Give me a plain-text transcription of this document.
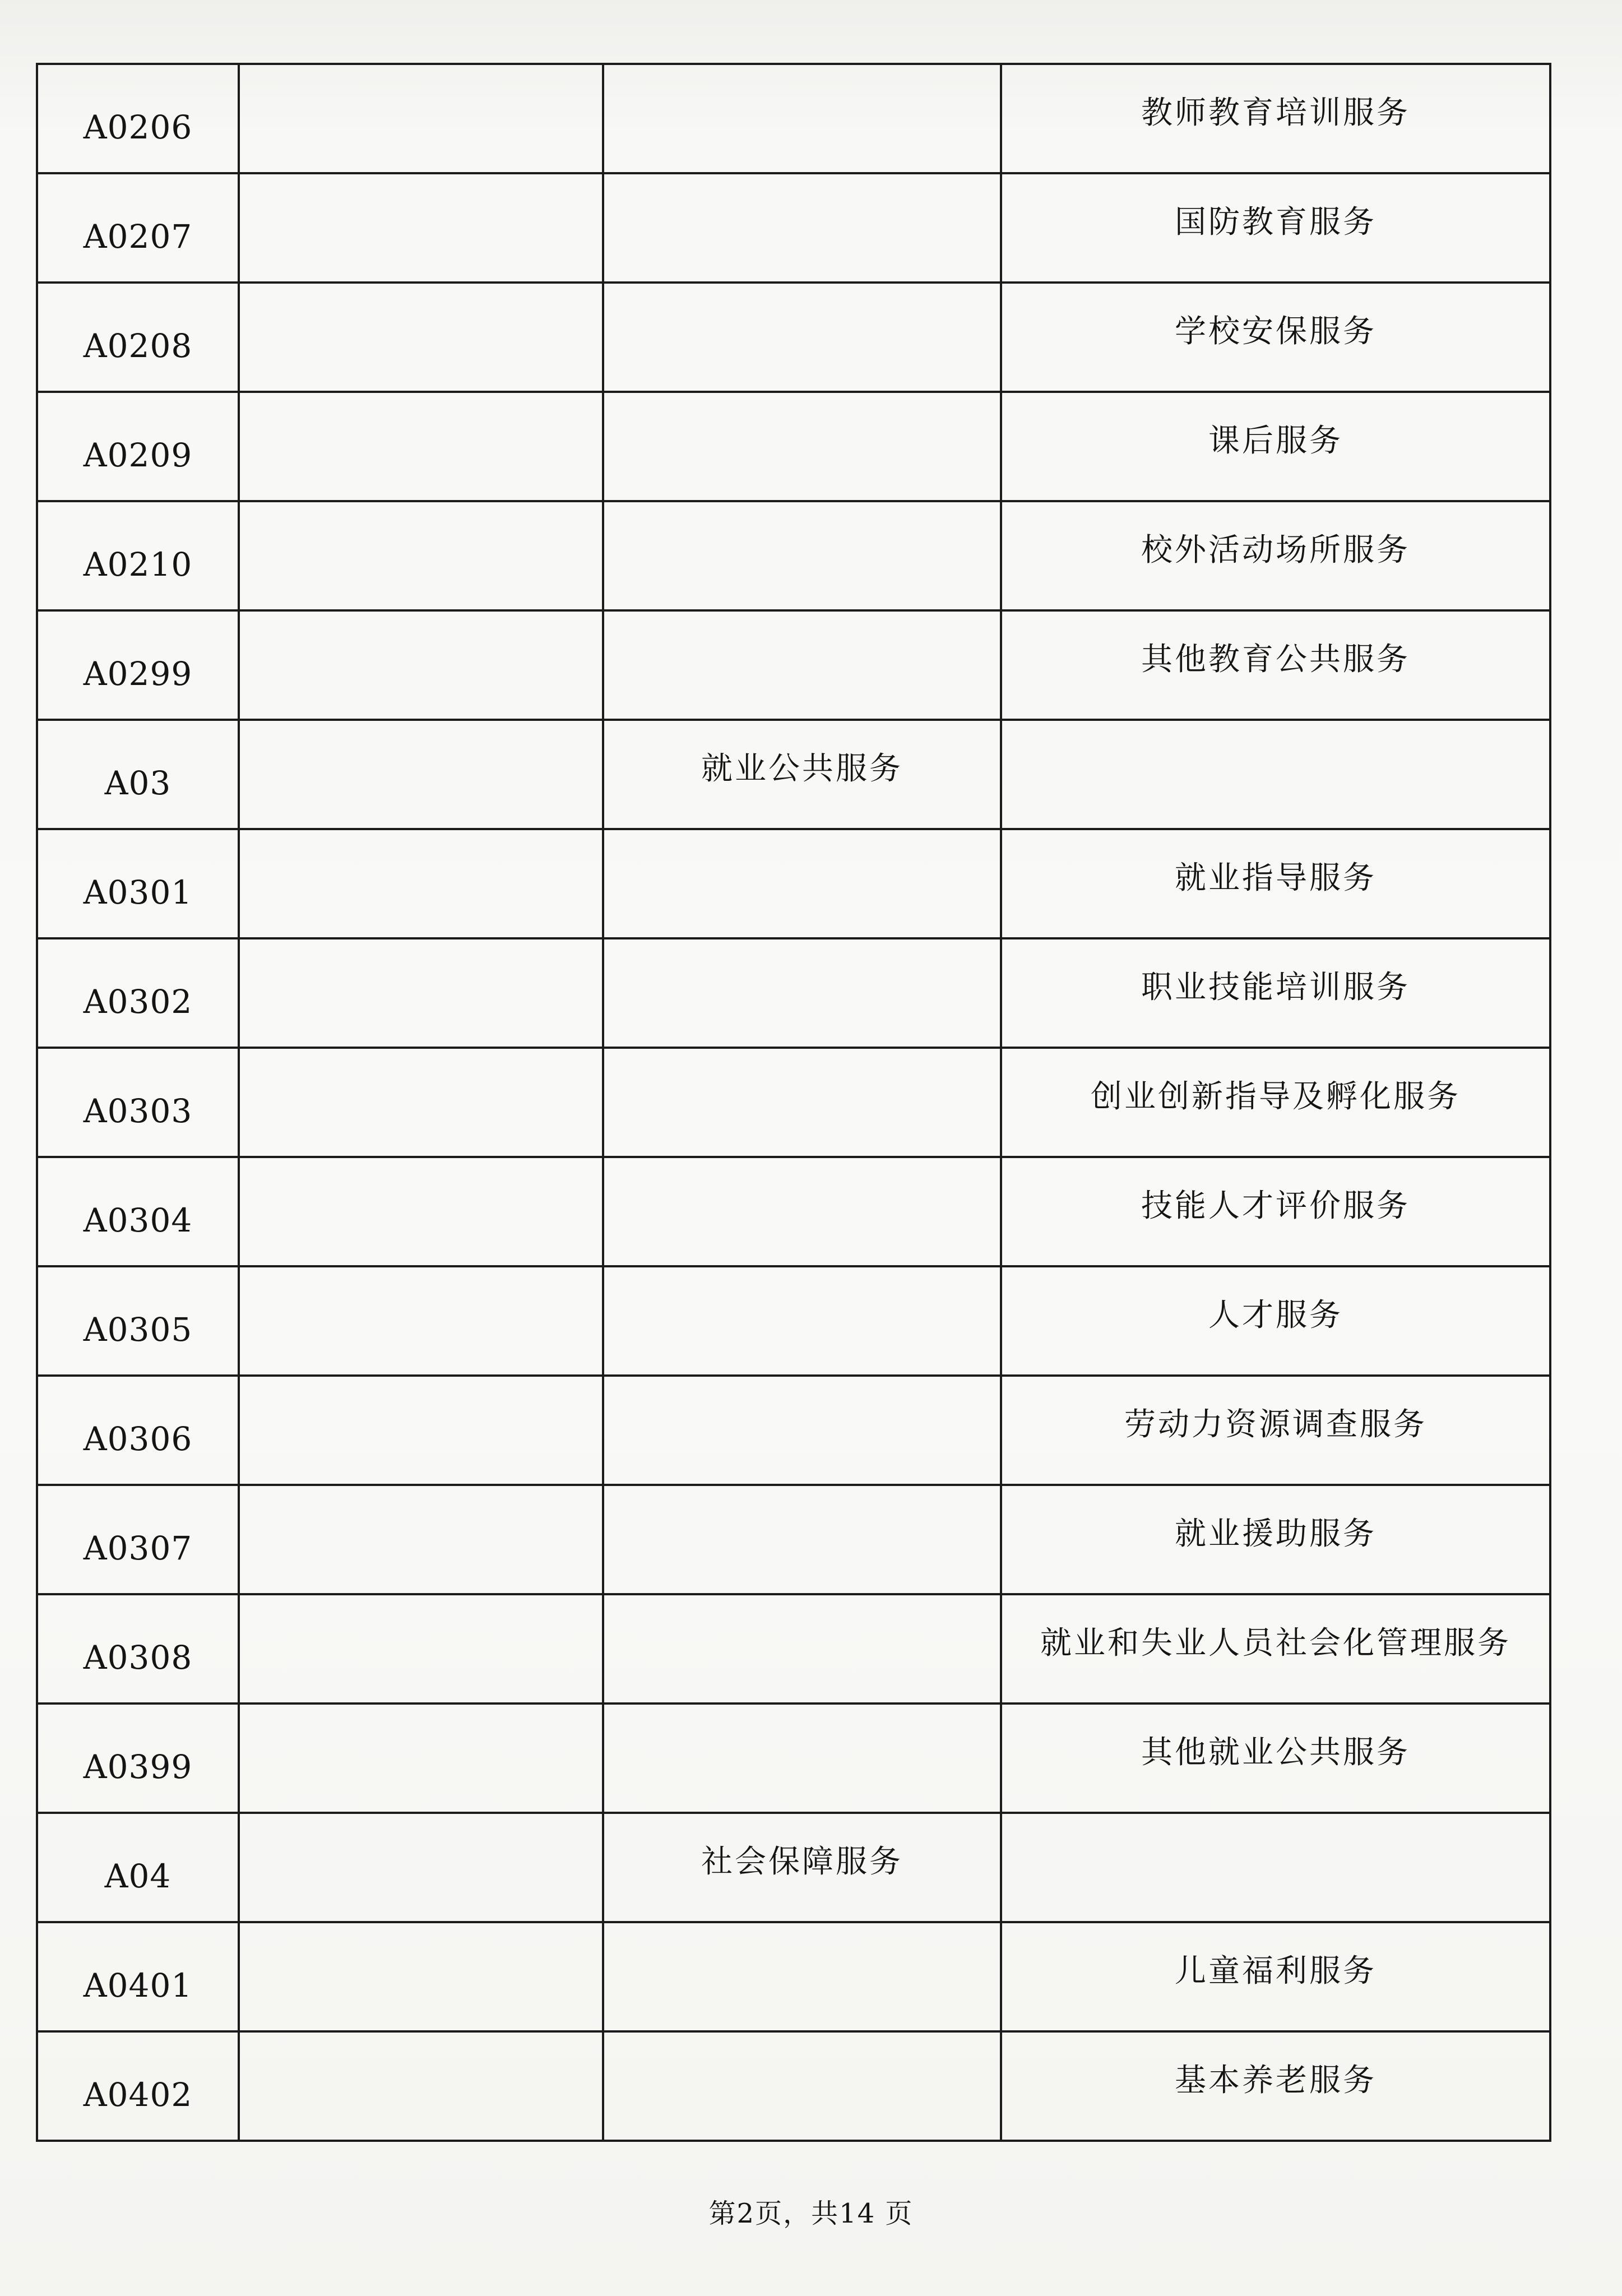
A0206			教师教育培训服务
A0207			国防教育服务
A0208			学校安保服务
A0209			课后服务
A0210			校外活动场所服务
A0299			其他教育公共服务
A03		就业公共服务	
A0301			就业指导服务
A0302			职业技能培训服务
A0303			创业创新指导及孵化服务
A0304			技能人才评价服务
A0305			人才服务
A0306			劳动力资源调查服务
A0307			就业援助服务
A0308			就业和失业人员社会化管理服务
A0399			其他就业公共服务
A04		社会保障服务	
A0401			儿童福利服务
A0402			基本养老服务
第2页，共14 页
